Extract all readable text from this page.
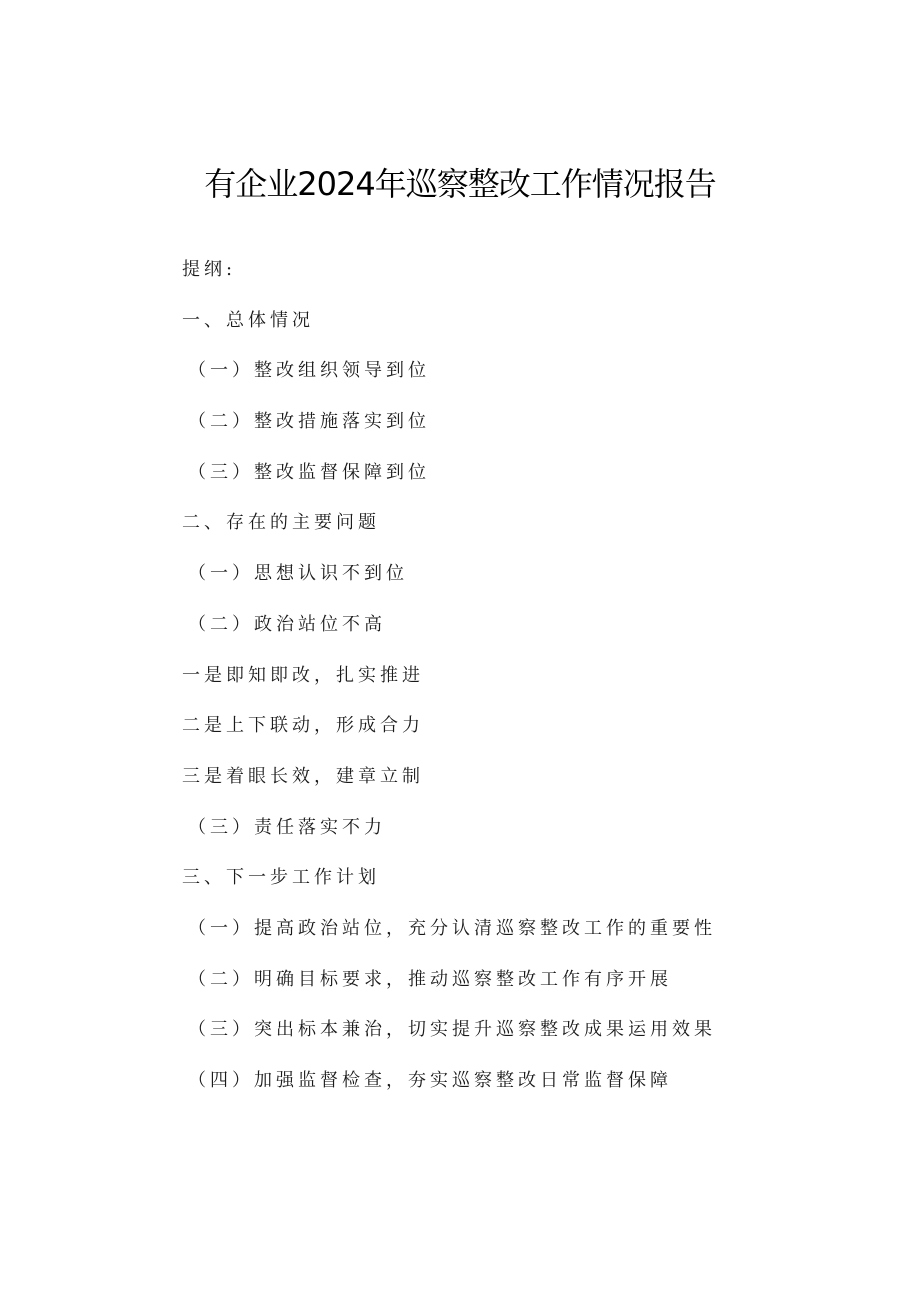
有企业2024年巡察整改工作情况报告
提纲:
一、总体情况
（一）整改组织领导到位
（二）整改措施落实到位
（三）整改监督保障到位
二、存在的主要问题
（一）思想认识不到位
（二）政治站位不高
一是即知即改，扎实推进
二是上下联动，形成合力
三是着眼长效，建章立制
（三）责任落实不力
三、下一步工作计划
（一）提高政治站位，充分认清巡察整改工作的重要性
（二）明确目标要求，推动巡察整改工作有序开展
（三）突出标本兼治，切实提升巡察整改成果运用效果
（四）加强监督检查，夯实巡察整改日常监督保障
